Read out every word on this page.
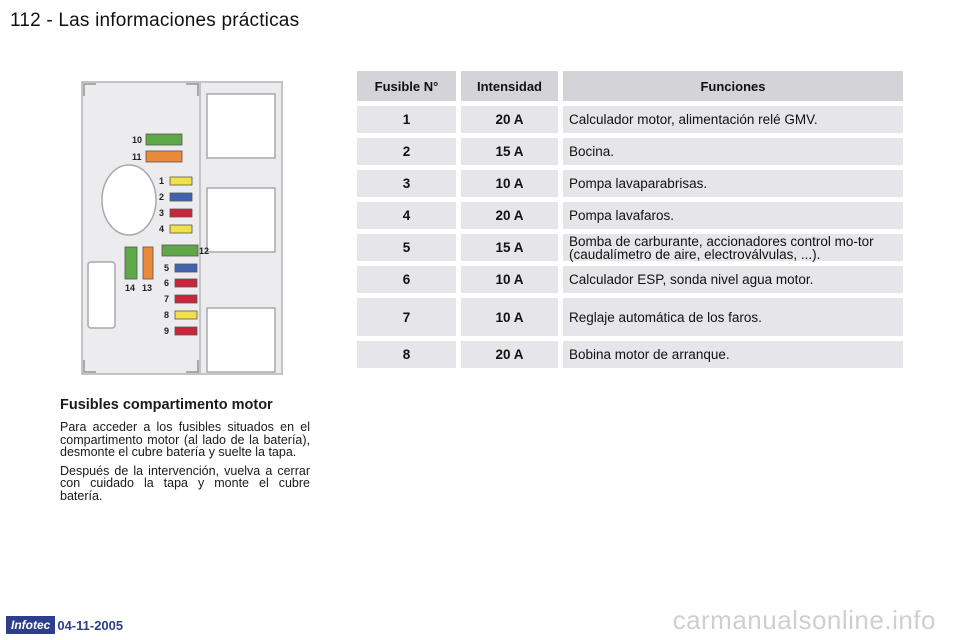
112 - Las informaciones prácticas
10
11
1
2
3
4
12
14 13
5
6
7
8
9
Fusible N°	Intensidad	Funciones
1	20 A	Calculador motor, alimentación relé GMV.
2	15 A	Bocina.
3	10 A	Pompa lavaparabrisas.
4	20 A	Pompa lavafaros.
5	15 A	Bomba de carburante, accionadores control mo-tor (caudalímetro de aire, electroválvulas, ...).
6	10 A	Calculador ESP, sonda nivel agua motor.
7	10 A	Reglaje automática de los faros.
8	20 A	Bobina motor de arranque.
Fusibles compartimento motor

Para acceder a los fusibles situados en el compartimento motor (al lado de la batería), desmonte el cubre batería y suelte la tapa.

Después de la intervención, vuelva a cerrar con cuidado la tapa y monte el cubre batería.

Infotec 04-11-2005	carmanualsonline.info
